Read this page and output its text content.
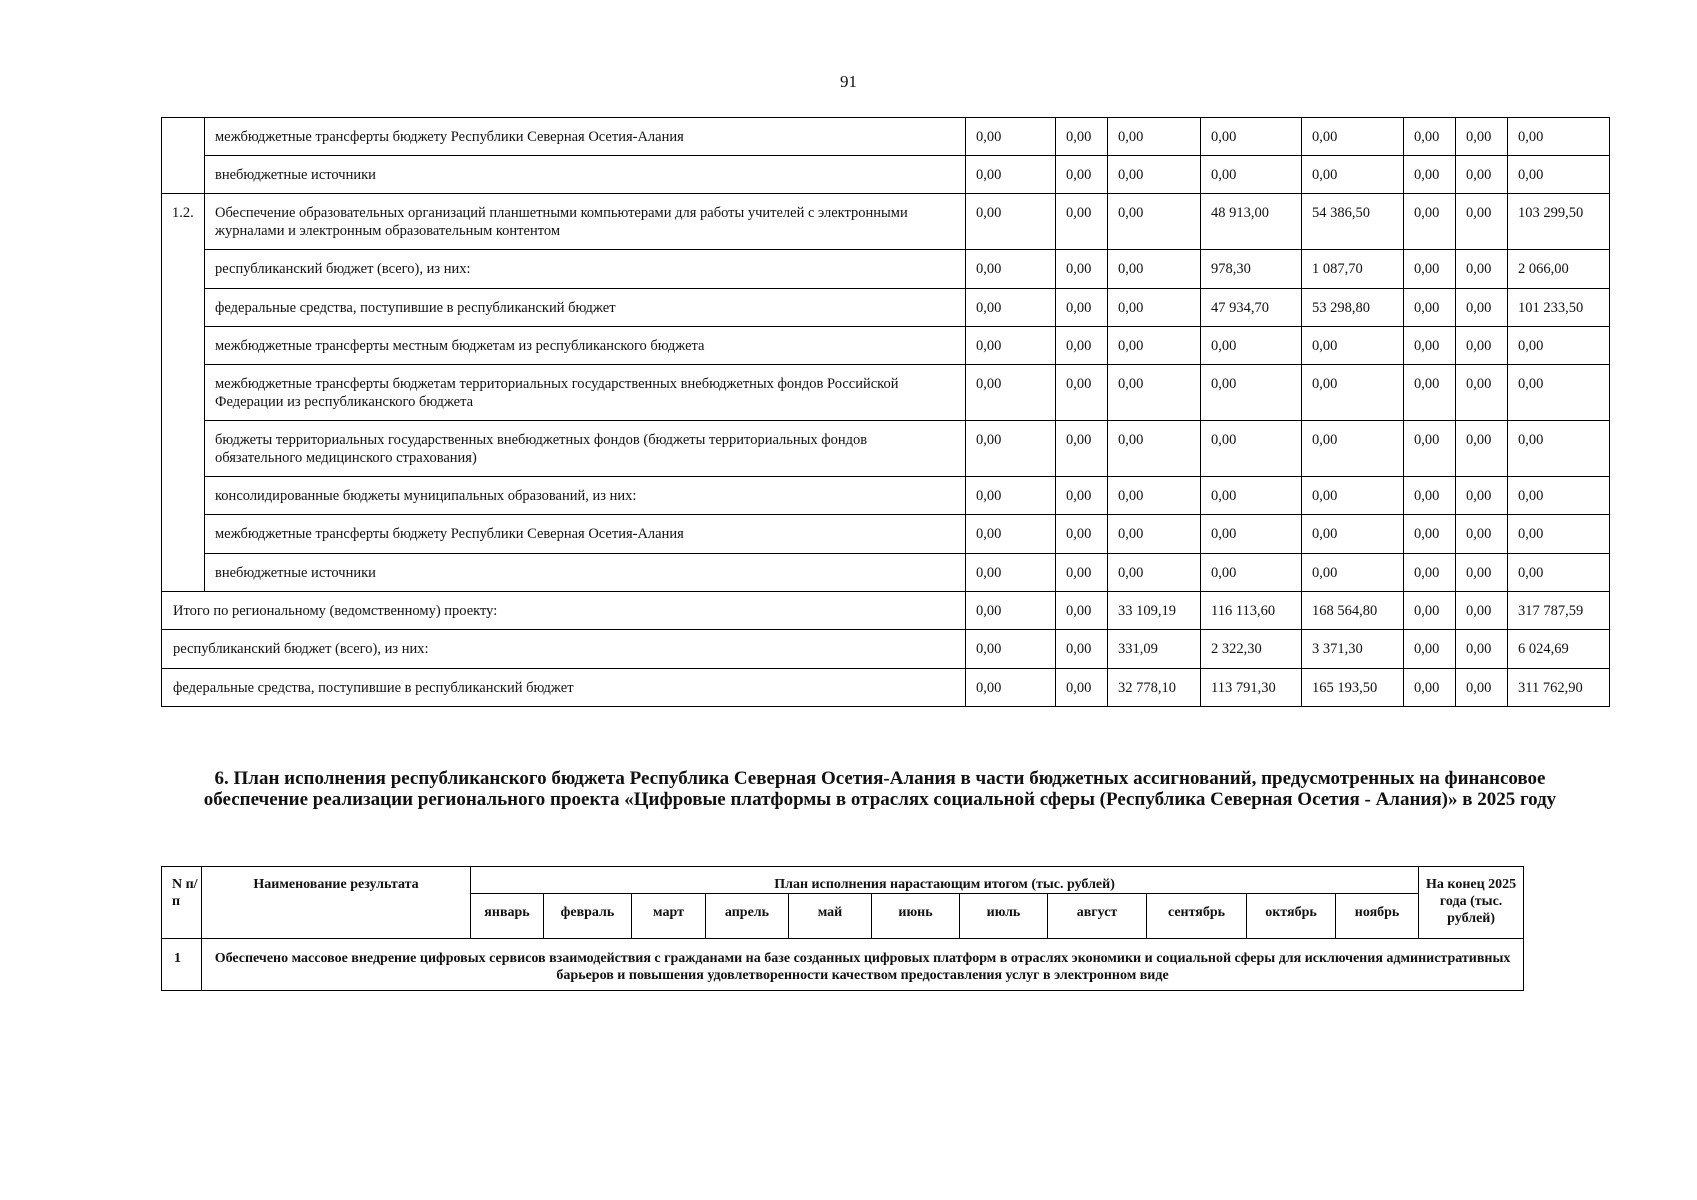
91
	межбюджетные трансферты бюджету Республики Северная Осетия-Алания	0,00	0,00	0,00	0,00	0,00	0,00	0,00	0,00
	внебюджетные источники	0,00	0,00	0,00	0,00	0,00	0,00	0,00	0,00
1.2.	Обеспечение образовательных организаций планшетными компьютерами для работы учителей с электронными журналами и электронным образовательным контентом	0,00	0,00	0,00	48 913,00	54 386,50	0,00	0,00	103 299,50
	республиканский бюджет (всего), из них:	0,00	0,00	0,00	978,30	1 087,70	0,00	0,00	2 066,00
	федеральные средства, поступившие в республиканский бюджет	0,00	0,00	0,00	47 934,70	53 298,80	0,00	0,00	101 233,50
	межбюджетные трансферты местным бюджетам из республиканского бюджета	0,00	0,00	0,00	0,00	0,00	0,00	0,00	0,00
	межбюджетные трансферты бюджетам территориальных государственных внебюджетных фондов Российской Федерации из республиканского бюджета	0,00	0,00	0,00	0,00	0,00	0,00	0,00	0,00
	бюджеты территориальных государственных внебюджетных фондов (бюджеты территориальных фондов обязательного медицинского страхования)	0,00	0,00	0,00	0,00	0,00	0,00	0,00	0,00
	консолидированные бюджеты муниципальных образований, из них:	0,00	0,00	0,00	0,00	0,00	0,00	0,00	0,00
	межбюджетные трансферты бюджету Республики Северная Осетия-Алания	0,00	0,00	0,00	0,00	0,00	0,00	0,00	0,00
	внебюджетные источники	0,00	0,00	0,00	0,00	0,00	0,00	0,00	0,00
Итого по региональному (ведомственному) проекту:		0,00	0,00	33 109,19	116 113,60	168 564,80	0,00	0,00	317 787,59
республиканский бюджет (всего), из них:		0,00	0,00	331,09	2 322,30	3 371,30	0,00	0,00	6 024,69
федеральные средства, поступившие в республиканский бюджет		0,00	0,00	32 778,10	113 791,30	165 193,50	0,00	0,00	311 762,90
6. План исполнения республиканского бюджета Республика Северная Осетия-Алания в части бюджетных ассигнований, предусмотренных на финансовое обеспечение реализации регионального проекта «Цифровые платформы в отраслях социальной сферы (Республика Северная Осетия - Алания)» в 2025 году
N п/п	Наименование результата	План исполнения нарастающим итогом (тыс. рублей)											На конец 2025 года (тыс. рублей)
		январь	февраль	март	апрель	май	июнь	июль	август	сентябрь	октябрь	ноябрь	
1	Обеспечено массовое внедрение цифровых сервисов взаимодействия с гражданами на базе созданных цифровых платформ в отраслях экономики и социальной сферы для исключения административных барьеров и повышения удовлетворенности качеством предоставления услуг в электронном виде												
